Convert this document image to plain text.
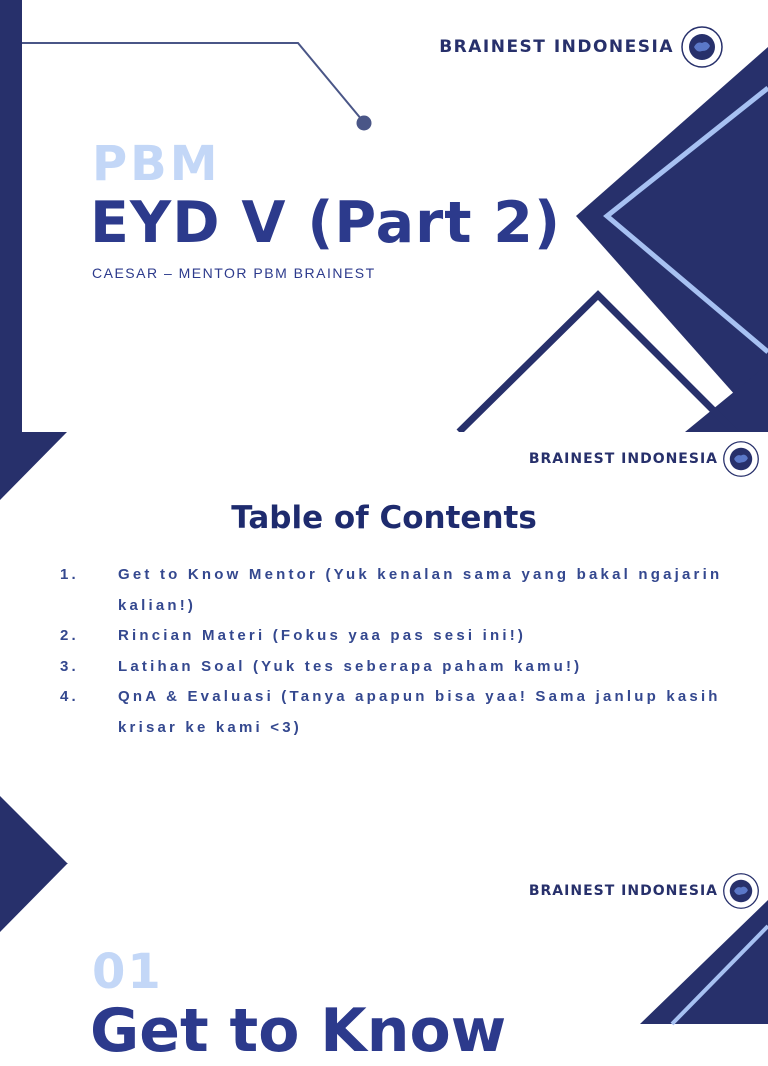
BRAINEST INDONESIA
PBM
EYD V (Part 2)
CAESAR – MENTOR PBM BRAINEST
BRAINEST INDONESIA
Table of Contents
1.	Get to Know Mentor (Yuk kenalan sama yang bakal ngajarin kalian!)
2.	Rincian Materi (Fokus yaa pas sesi ini!)
3.	Latihan Soal (Yuk tes seberapa paham kamu!)
4.	QnA & Evaluasi (Tanya apapun bisa yaa! Sama janlup kasih krisar ke kami <3)
BRAINEST INDONESIA
01
Get to Know
